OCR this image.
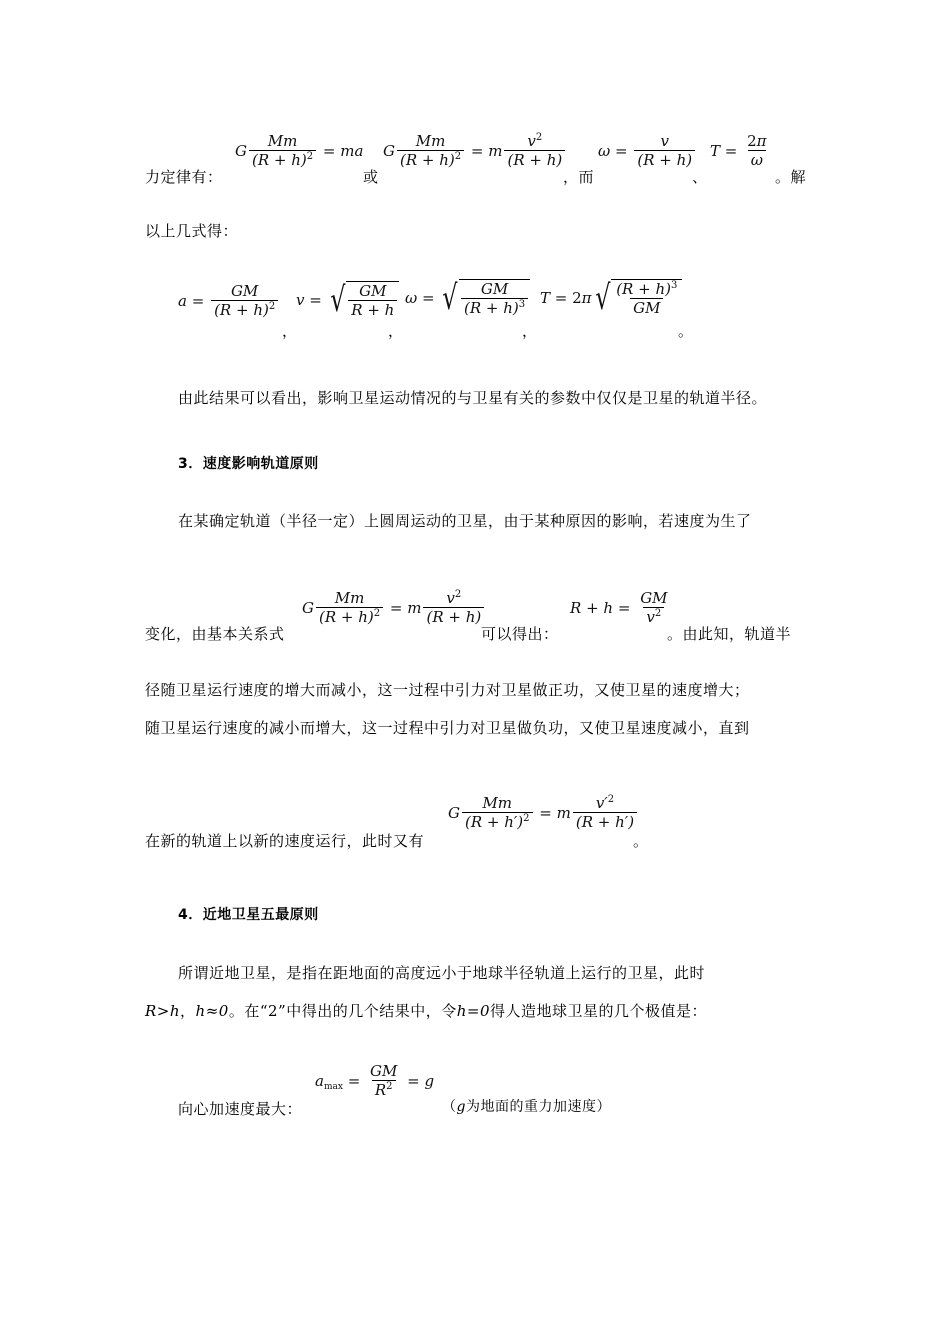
力定律有：
G $\frac{Mm}{(R + h)^2}$ = ma
或
G $\frac{Mm}{(R + h)^2} = m \frac{v^2}{(R + h)}$
，而
$\omega = \frac{v}{(R + h)}$
、
$T = \frac{2\pi}{\omega}$
。解
以上几式得：
$a = \frac{GM}{(R + h)^2}$
，
v = √ $\frac{GM}{R + h}$
，
ω = √ $\frac{GM}{(R + h)^3}$
，
T = 2 π √ $\frac{(R + h)^3}{GM}$
。
由此结果可以看出，影响卫星运动情况的与卫星有关的参数中仅仅是卫星的轨道半径。
3．速度影响轨道原则
在某确定轨道（半径一定）上圆周运动的卫星，由于某种原因的影响，若速度为生了
变化，由基本关系式
G $\frac{Mm}{(R + h)^2} = m \frac{v^2}{(R + h)}$
可以得出：
$R + h = \frac{GM}{v^2}$
。由此知，轨道半
径随卫星运行速度的增大而减小，这一过程中引力对卫星做正功，又使卫星的速度增大；
随卫星运行速度的减小而增大，这一过程中引力对卫星做负功，又使卫星速度减小，直到
在新的轨道上以新的速度运行，此时又有
G $\frac{Mm}{(R + h')^2} = m \frac{v'^2}{(R + h')}$
。
4．近地卫星五最原则
所谓近地卫星，是指在距地面的高度远小于地球半径轨道上运行的卫星，此时
R>h，h≈0。在“2”中得出的几个结果中，令h=0得人造地球卫星的几个极值是：
向心加速度最大：
$a_{max} = \frac{GM}{R^2} = g$
（g为地面的重力加速度）
